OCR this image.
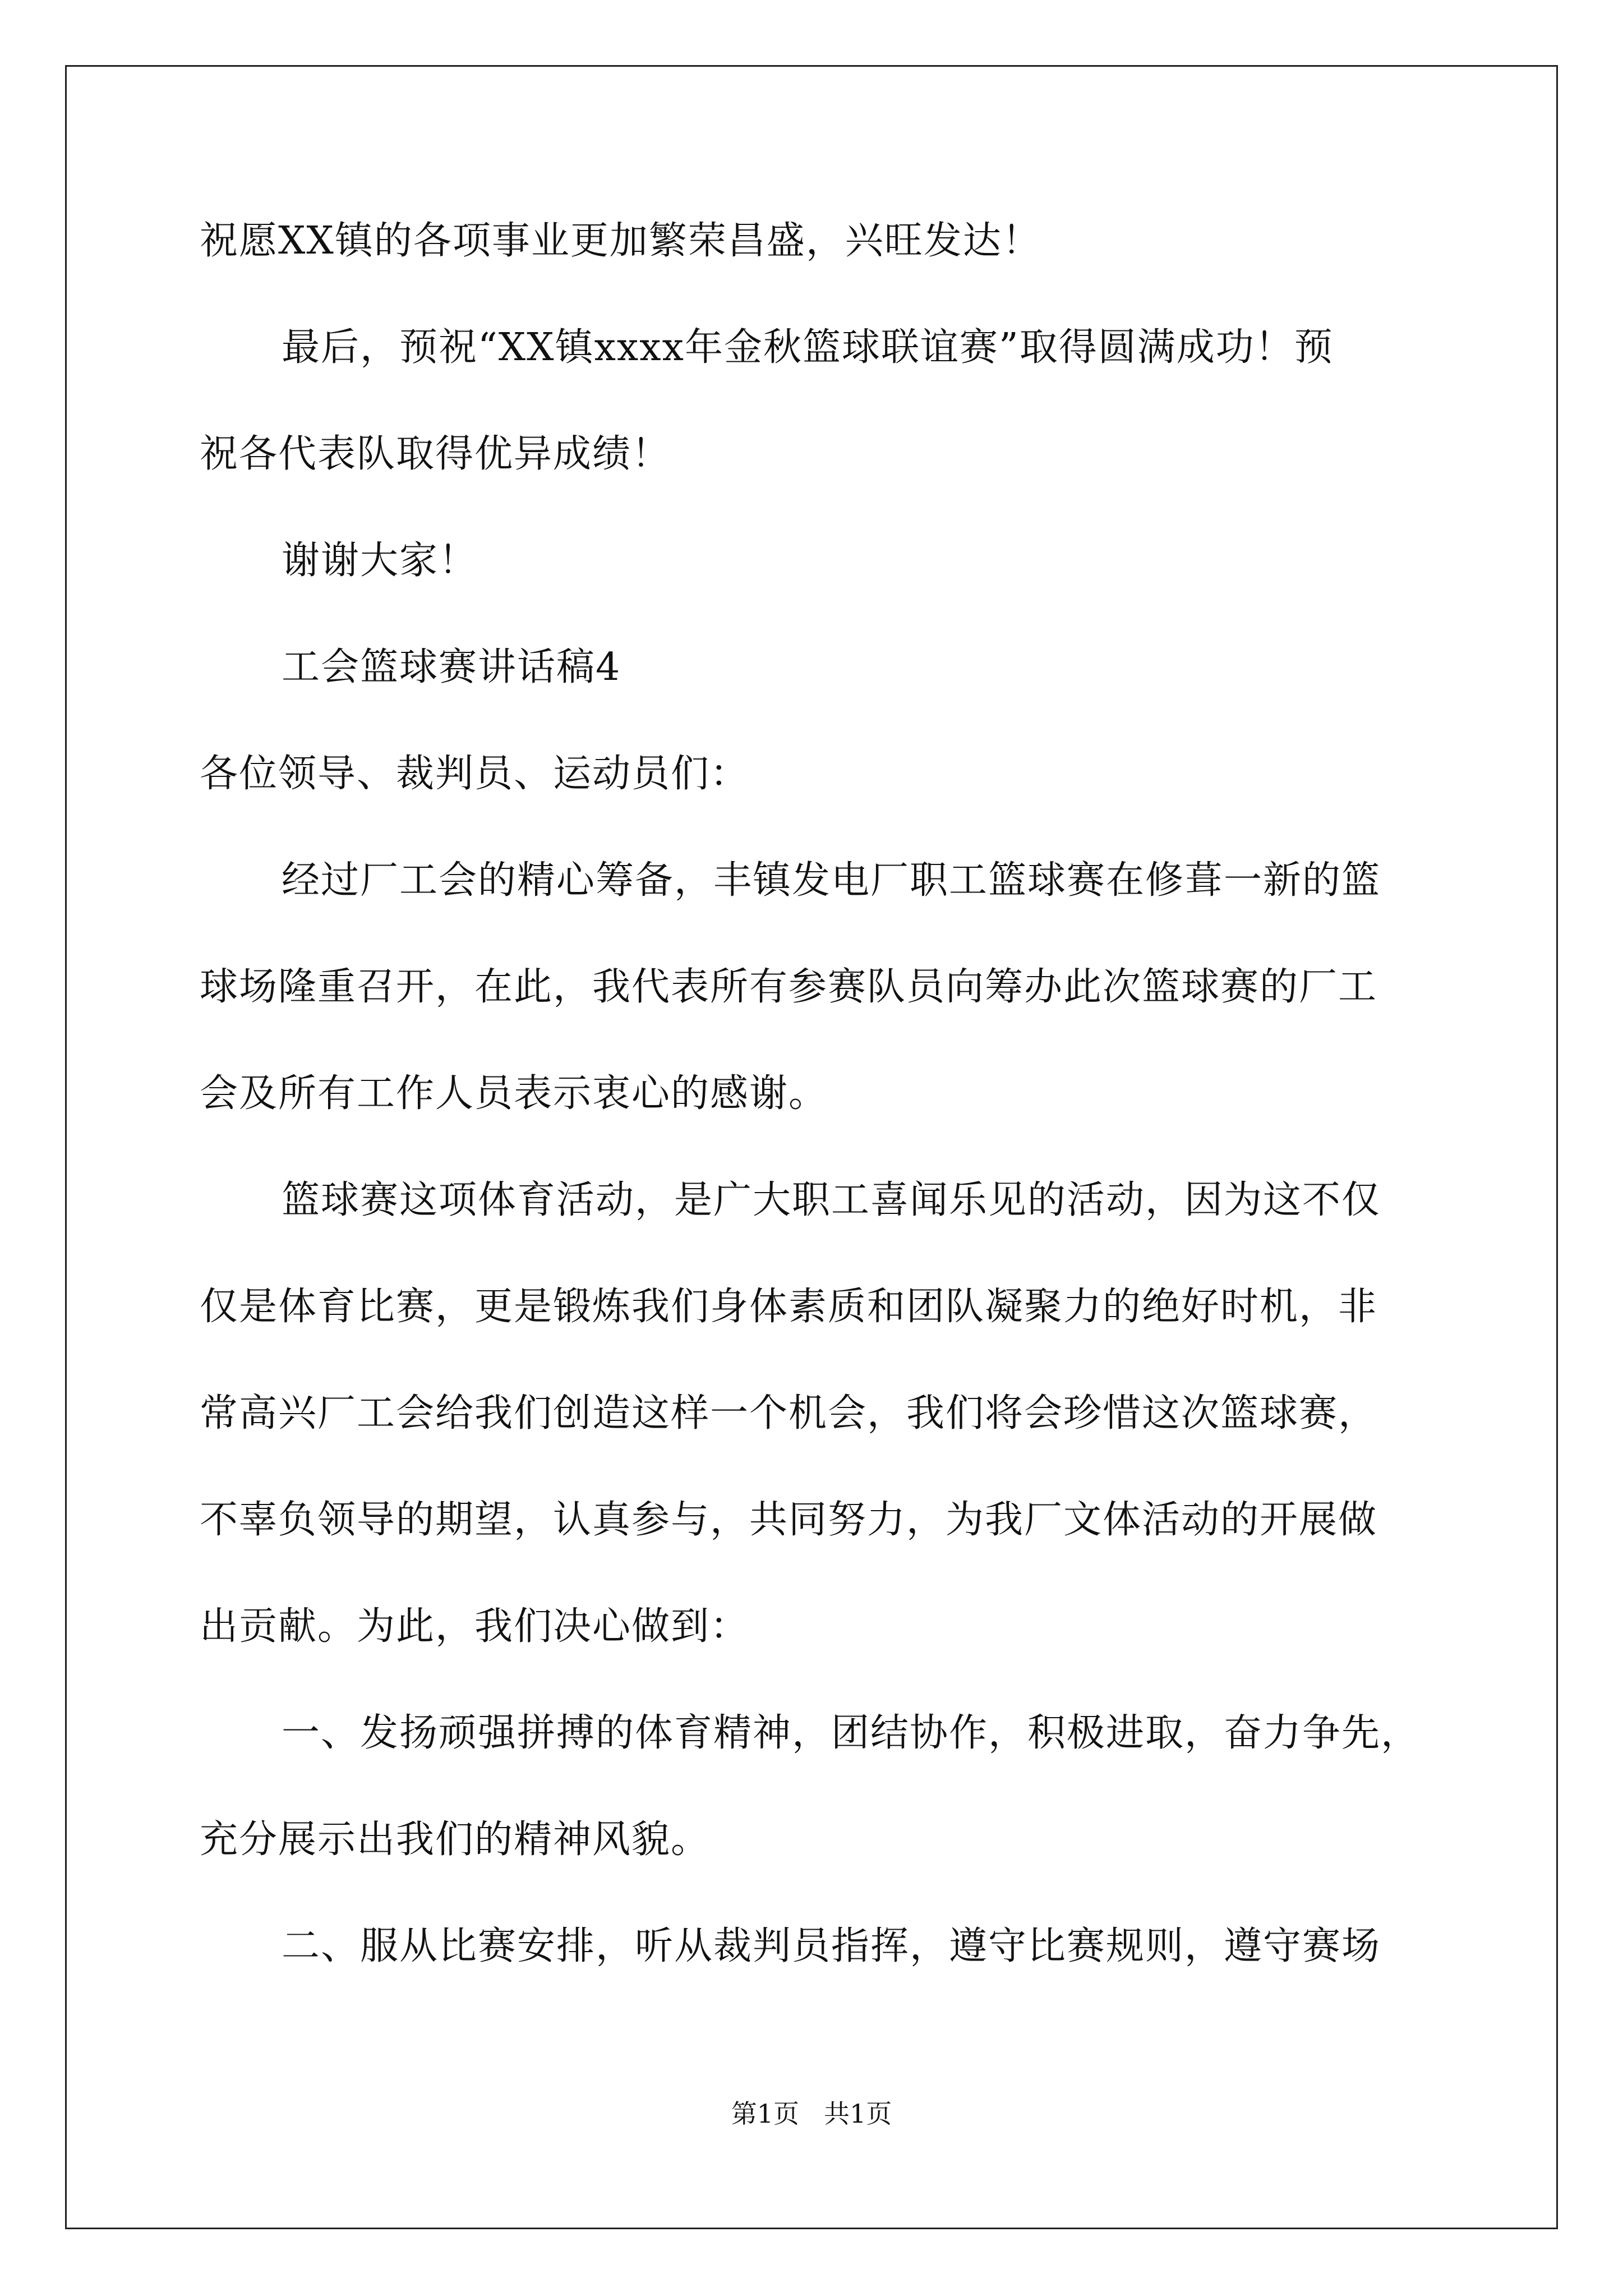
祝愿XX镇的各项事业更加繁荣昌盛，兴旺发达！
最后，预祝“XX镇xxxx年金秋篮球联谊赛”取得圆满成功！预
祝各代表队取得优异成绩！
谢谢大家！
工会篮球赛讲话稿4
各位领导、裁判员、运动员们：
经过厂工会的精心筹备，丰镇发电厂职工篮球赛在修葺一新的篮
球场隆重召开，在此，我代表所有参赛队员向筹办此次篮球赛的厂工
会及所有工作人员表示衷心的感谢。
篮球赛这项体育活动，是广大职工喜闻乐见的活动，因为这不仅
仅是体育比赛，更是锻炼我们身体素质和团队凝聚力的绝好时机，非
常高兴厂工会给我们创造这样一个机会，我们将会珍惜这次篮球赛，
不辜负领导的期望，认真参与，共同努力，为我厂文体活动的开展做
出贡献。为此，我们决心做到：
一、发扬顽强拼搏的体育精神，团结协作，积极进取，奋力争先，
充分展示出我们的精神风貌。
二、服从比赛安排，听从裁判员指挥，遵守比赛规则，遵守赛场
第1页 共1页
